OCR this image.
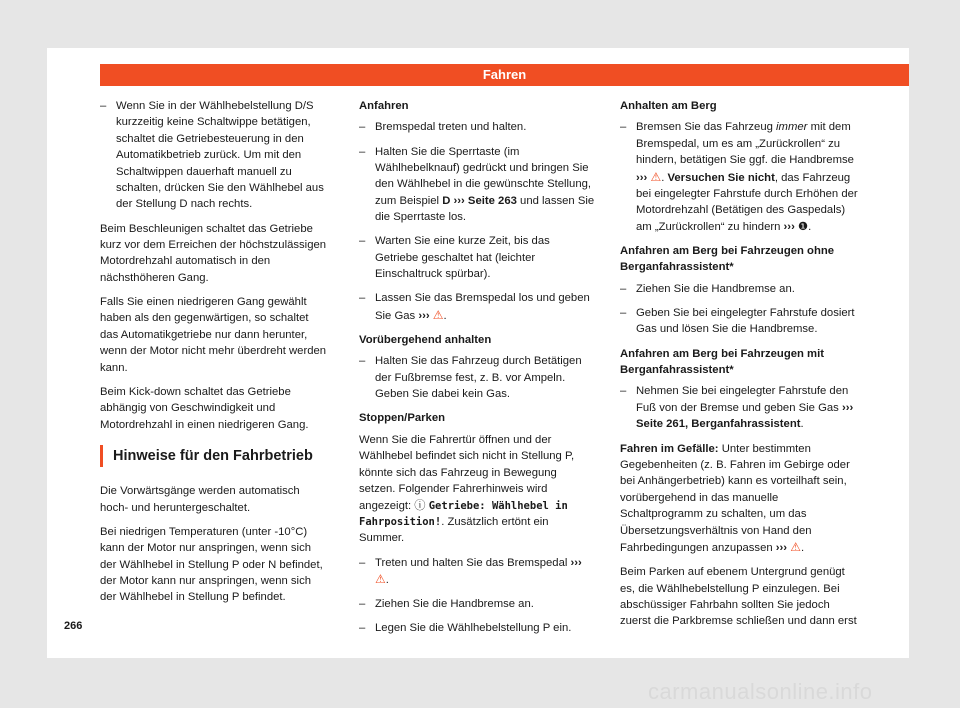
Fahren
– Wenn Sie in der Wählhebelstellung D/S kurzzeitig keine Schaltwippe betätigen, schaltet die Getriebesteuerung in den Automatikbetrieb zurück. Um mit den Schaltwippen dauerhaft manuell zu schalten, drücken Sie den Wählhebel aus der Stellung D nach rechts.

Beim Beschleunigen schaltet das Getriebe kurz vor dem Erreichen der höchstzulässigen Motordrehzahl automatisch in den nächsthöheren Gang.

Falls Sie einen niedrigeren Gang gewählt haben als den gegenwärtigen, so schaltet das Automatikgetriebe nur dann herunter, wenn der Motor nicht mehr überdreht werden kann.

Beim Kick-down schaltet das Getriebe abhängig von Geschwindigkeit und Motordrehzahl in einen niedrigeren Gang.

Hinweise für den Fahrbetrieb

Die Vorwärtsgänge werden automatisch hoch- und heruntergeschaltet.

Bei niedrigen Temperaturen (unter -10°C) kann der Motor nur anspringen, wenn sich der Wählhebel in Stellung P oder N befindet, der Motor kann nur anspringen, wenn sich der Wählhebel in Stellung P befindet.

Anfahren
– Bremspedal treten und halten.
– Halten Sie die Sperrtaste (im Wählhebelknauf) gedrückt und bringen Sie den Wählhebel in die gewünschte Stellung, zum Beispiel D ››› Seite 263 und lassen Sie die Sperrtaste los.
– Warten Sie eine kurze Zeit, bis das Getriebe geschaltet hat (leichter Einschaltruck spürbar).
– Lassen Sie das Bremspedal los und geben Sie Gas ››› ⚠.
Vorübergehend anhalten
– Halten Sie das Fahrzeug durch Betätigen der Fußbremse fest, z. B. vor Ampeln. Geben Sie dabei kein Gas.
Stoppen/Parken

Wenn Sie die Fahrertür öffnen und der Wählhebel befindet sich nicht in Stellung P, könnte sich das Fahrzeug in Bewegung setzen. Folgender Fahrerhinweis wird angezeigt: ⓘ Getriebe: Wählhebel in Fahrposition!. Zusätzlich ertönt ein Summer.

– Treten und halten Sie das Bremspedal ››› ⚠.
– Ziehen Sie die Handbremse an.
– Legen Sie die Wählhebelstellung P ein.
Anhalten am Berg
– Bremsen Sie das Fahrzeug immer mit dem Bremspedal, um es am „Zurückrollen“ zu hindern, betätigen Sie ggf. die Handbremse ››› ⚠. Versuchen Sie nicht, das Fahrzeug bei eingelegter Fahrstufe durch Erhöhen der Motordrehzahl (Betätigen des Gaspedals) am „Zurückrollen“ zu hindern ››› ❶.
Anfahren am Berg bei Fahrzeugen ohne Berganfahrassistent*
– Ziehen Sie die Handbremse an.
– Geben Sie bei eingelegter Fahrstufe dosiert Gas und lösen Sie die Handbremse.
Anfahren am Berg bei Fahrzeugen mit Berganfahrassistent*
– Nehmen Sie bei eingelegter Fahrstufe den Fuß von der Bremse und geben Sie Gas ››› Seite 261, Berganfahrassistent.

Fahren im Gefälle: Unter bestimmten Gegebenheiten (z. B. Fahren im Gebirge oder bei Anhängerbetrieb) kann es vorteilhaft sein, vorübergehend in das manuelle Schaltprogramm zu schalten, um das Übersetzungsverhältnis von Hand den Fahrbedingungen anzupassen ››› ⚠.

Beim Parken auf ebenem Untergrund genügt es, die Wählhebelstellung P einzulegen. Bei abschüssiger Fahrbahn sollten Sie jedoch zuerst die Parkbremse schließen und dann erst

266
carmanualsonline.info
